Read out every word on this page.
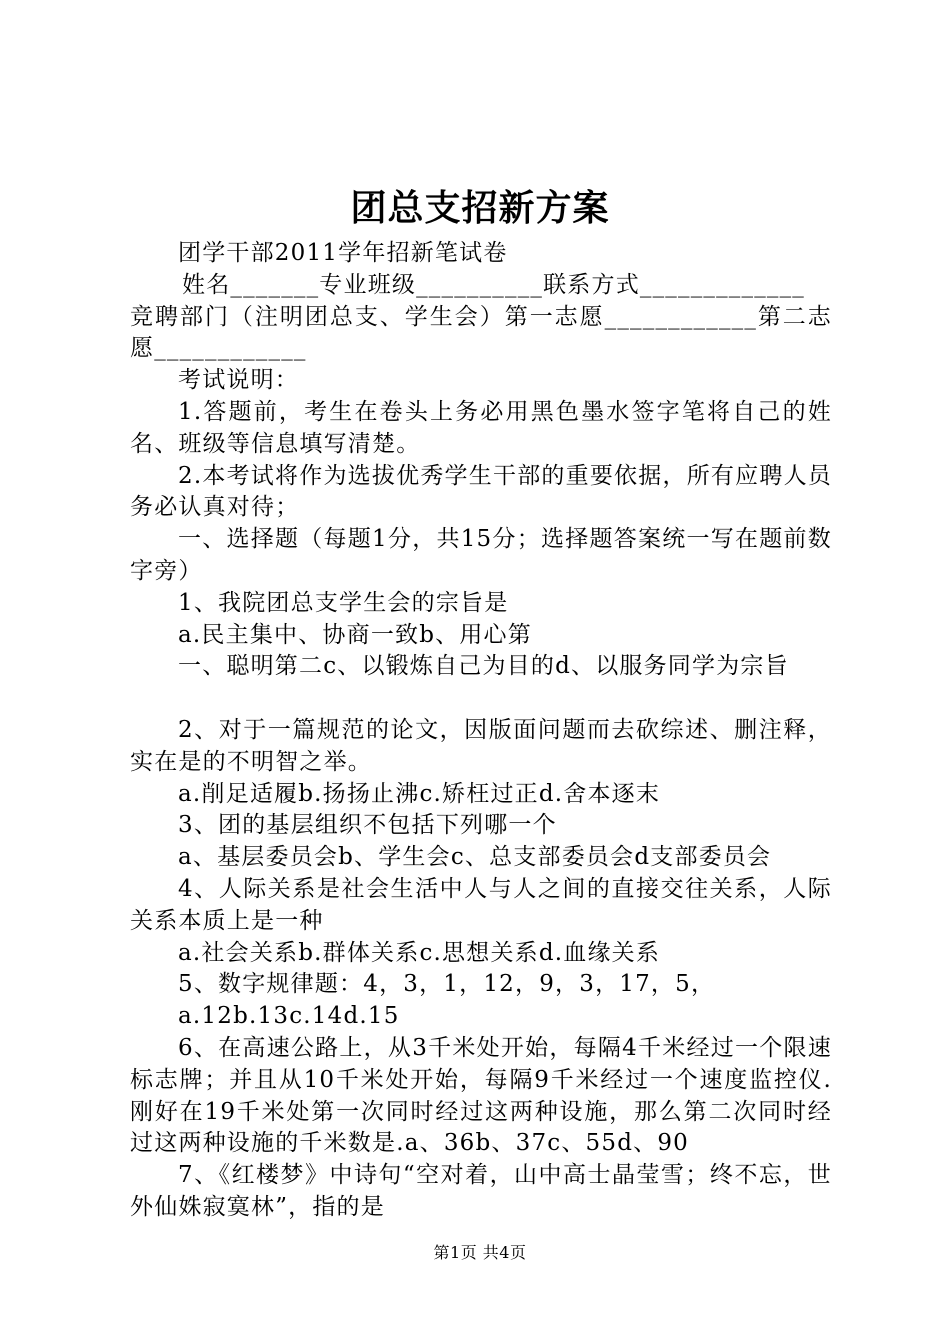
团总支招新方案

团学干部2011学年招新笔试卷

姓名_______专业班级__________联系方式_____________

竞聘部门（注明团总支、学生会）第一志愿____________第二志愿____________

考试说明：

1.答题前，考生在卷头上务必用黑色墨水签字笔将自己的姓名、班级等信息填写清楚。

2.本考试将作为选拔优秀学生干部的重要依据，所有应聘人员务必认真对待；

一、选择题（每题1分，共15分；选择题答案统一写在题前数字旁）

1、我院团总支学生会的宗旨是

a.民主集中、协商一致b、用心第

一、聪明第二c、以锻炼自己为目的d、以服务同学为宗旨

2、对于一篇规范的论文，因版面问题而去砍综述、删注释，实在是的不明智之举。

a.削足适履b.扬扬止沸c.矫枉过正d.舍本逐末

3、团的基层组织不包括下列哪一个

a、基层委员会b、学生会c、总支部委员会d支部委员会

4、人际关系是社会生活中人与人之间的直接交往关系，人际关系本质上是一种

a.社会关系b.群体关系c.思想关系d.血缘关系

5、数字规律题：4，3，1，12，9，3，17，5，

a.12b.13c.14d.15

6、在高速公路上，从3千米处开始，每隔4千米经过一个限速标志牌；并且从10千米处开始，每隔9千米经过一个速度监控仪.刚好在19千米处第一次同时经过这两种设施，那么第二次同时经过这两种设施的千米数是.a、36b、37c、55d、90

7、《红楼梦》中诗句“空对着，山中高士晶莹雪；终不忘，世外仙姝寂寞林”，指的是

第1页 共4页
